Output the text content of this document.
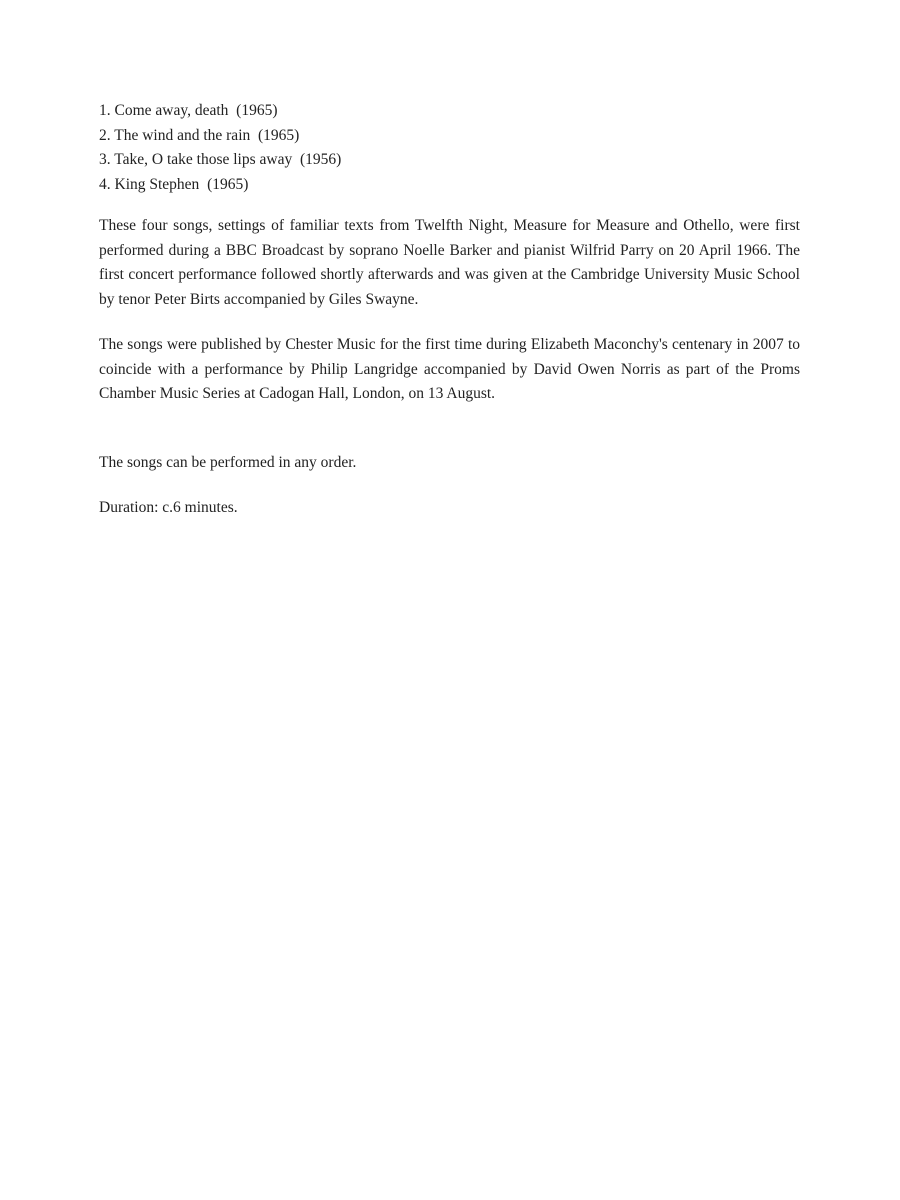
1. Come away, death (1965)
2. The wind and the rain (1965)
3. Take, O take those lips away (1956)
4. King Stephen (1965)

These four songs, settings of familiar texts from Twelfth Night, Measure for Measure and Othello, were first performed during a BBC Broadcast by soprano Noelle Barker and pianist Wilfrid Parry on 20 April 1966. The first concert performance followed shortly afterwards and was given at the Cambridge University Music School by tenor Peter Birts accompanied by Giles Swayne.

The songs were published by Chester Music for the first time during Elizabeth Maconchy's centenary in 2007 to coincide with a performance by Philip Langridge accompanied by David Owen Norris as part of the Proms Chamber Music Series at Cadogan Hall, London, on 13 August.

The songs can be performed in any order.

Duration: c.6 minutes.
